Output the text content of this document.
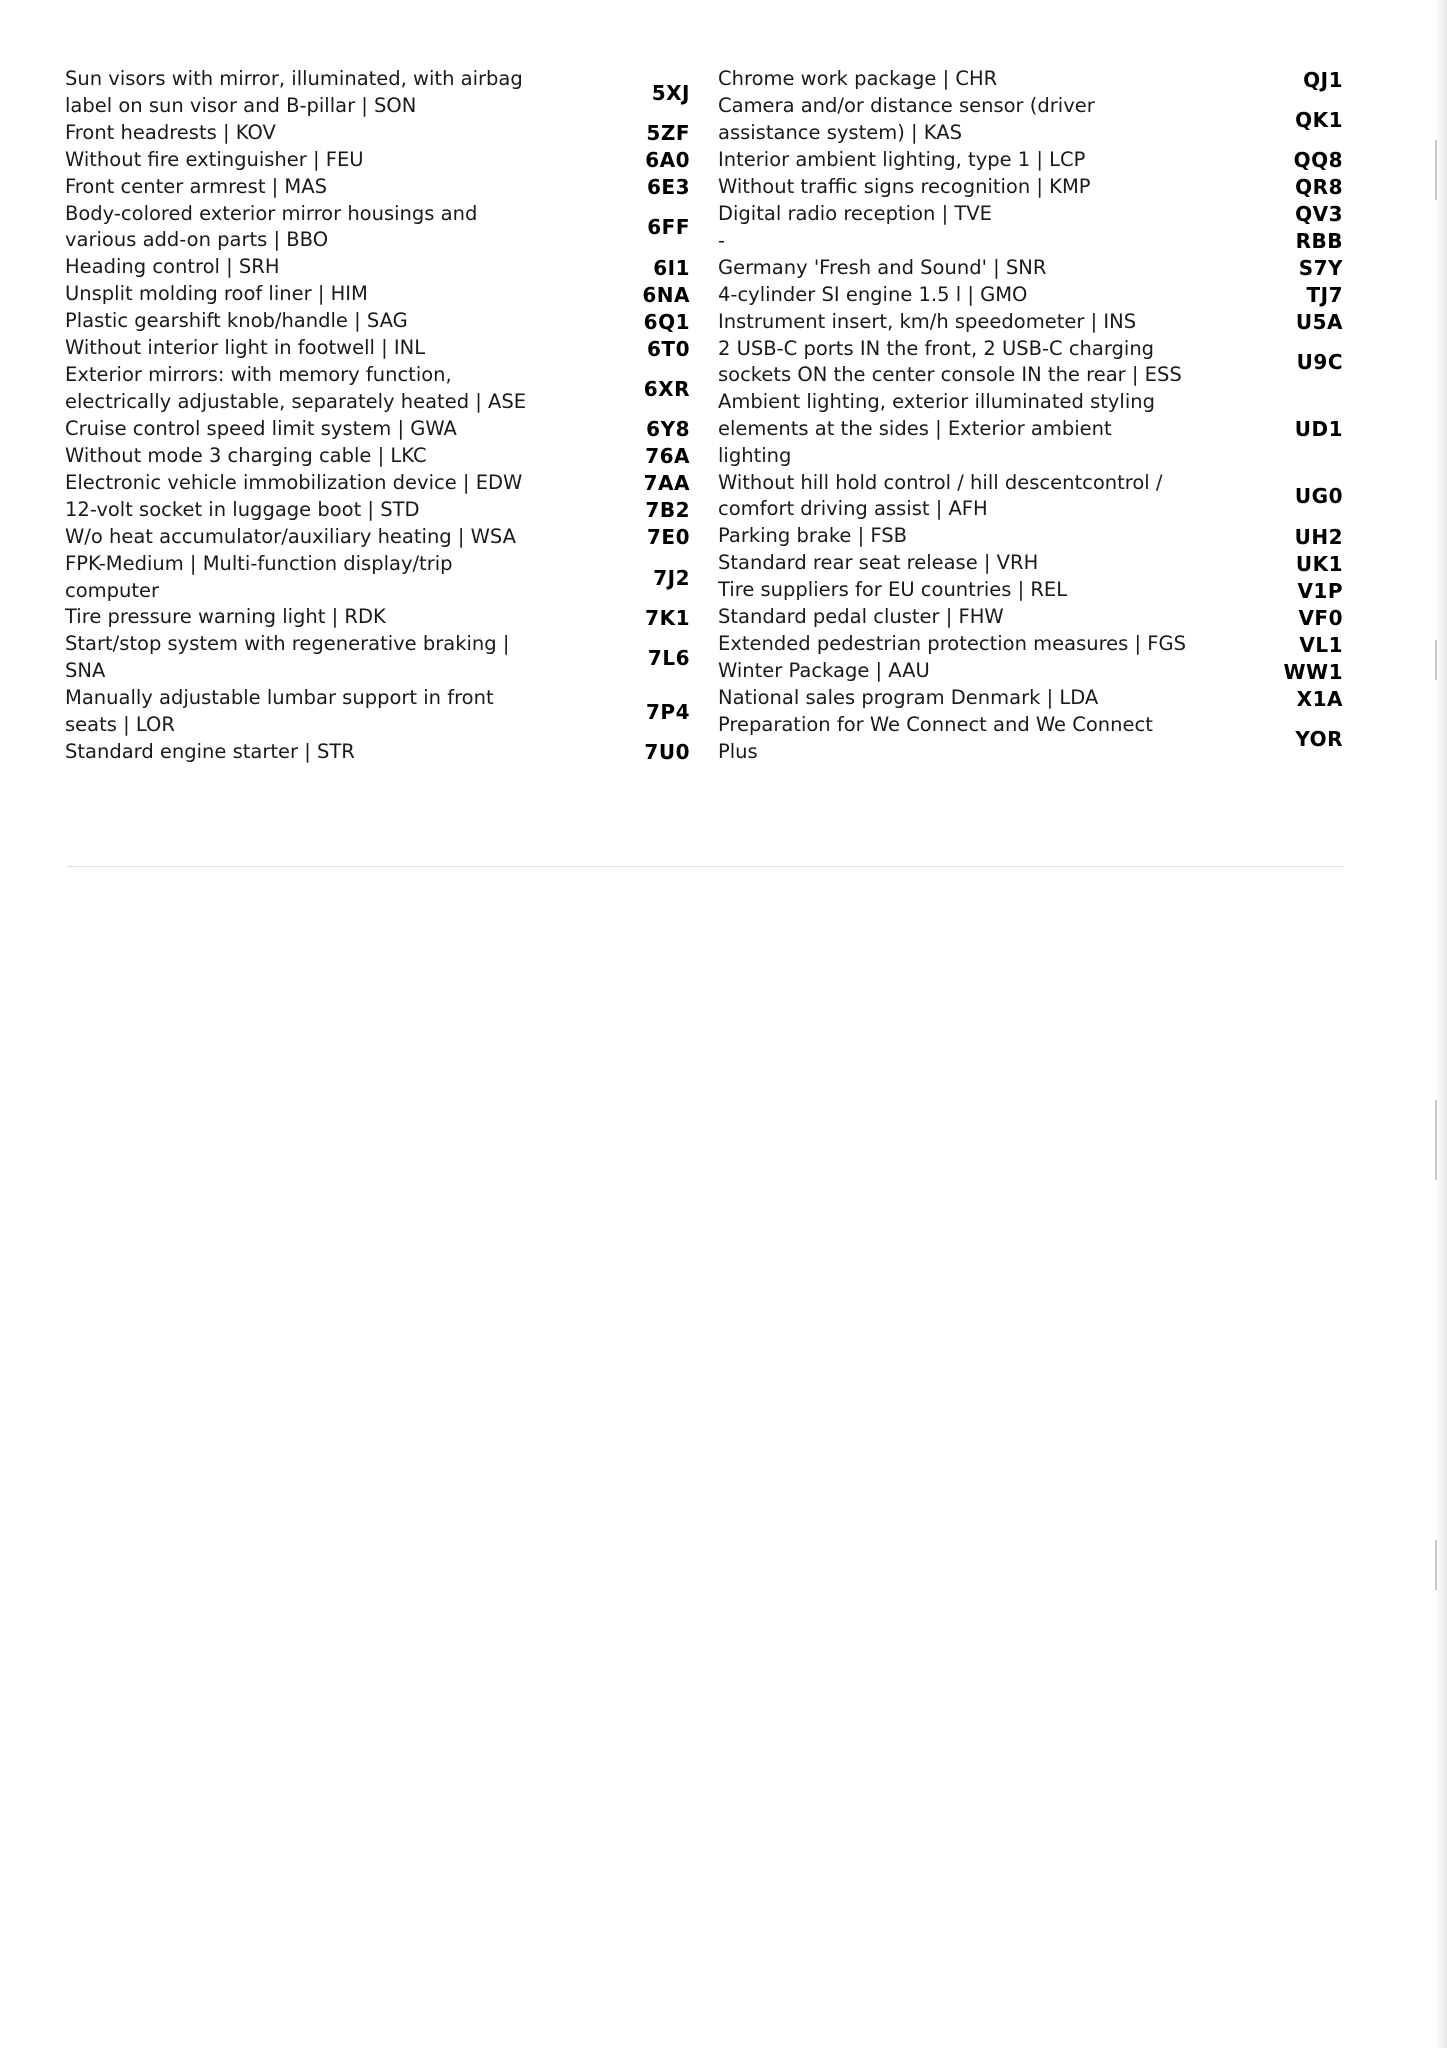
Sun visors with mirror, illuminated, with airbag label on sun visor and B-pillar | SON
5XJ
Front headrests | KOV	5ZF
Without fire extinguisher | FEU	6A0
Front center armrest | MAS	6E3
Body-colored exterior mirror housings and various add-on parts | BBO
6FF
Heading control | SRH	6I1
Unsplit molding roof liner | HIM	6NA
Plastic gearshift knob/handle | SAG	6Q1
Without interior light in footwell | INL	6T0
Exterior mirrors: with memory function, electrically adjustable, separately heated | ASE
6XR
Cruise control speed limit system | GWA	6Y8
Without mode 3 charging cable | LKC	76A
Electronic vehicle immobilization device | EDW	7AA
12-volt socket in luggage boot | STD	7B2
W/o heat accumulator/auxiliary heating | WSA	7E0
FPK-Medium | Multi-function display/trip computer
7J2
Tire pressure warning light | RDK	7K1
Start/stop system with regenerative braking | SNA
7L6
Manually adjustable lumbar support in front seats | LOR
7P4
Standard engine starter | STR	7U0
Chrome work package | CHR	QJ1
Camera and/or distance sensor (driver assistance system) | KAS
QK1
Interior ambient lighting, type 1 | LCP	QQ8
Without traffic signs recognition | KMP	QR8
Digital radio reception | TVE	QV3
-	RBB
Germany 'Fresh and Sound' | SNR	S7Y
4-cylinder SI engine 1.5 l | GMO	TJ7
Instrument insert, km/h speedometer | INS	U5A
2 USB-C ports IN the front, 2 USB-C charging sockets ON the center console IN the rear | ESS
U9C
Ambient lighting, exterior illuminated styling elements at the sides | Exterior ambient lighting
UD1
Without hill hold control / hill descentcontrol / comfort driving assist | AFH
UG0
Parking brake | FSB	UH2
Standard rear seat release | VRH	UK1
Tire suppliers for EU countries | REL	V1P
Standard pedal cluster | FHW	VF0
Extended pedestrian protection measures | FGS	VL1
Winter Package | AAU	WW1
National sales program Denmark | LDA	X1A
Preparation for We Connect and We Connect Plus
YOR
